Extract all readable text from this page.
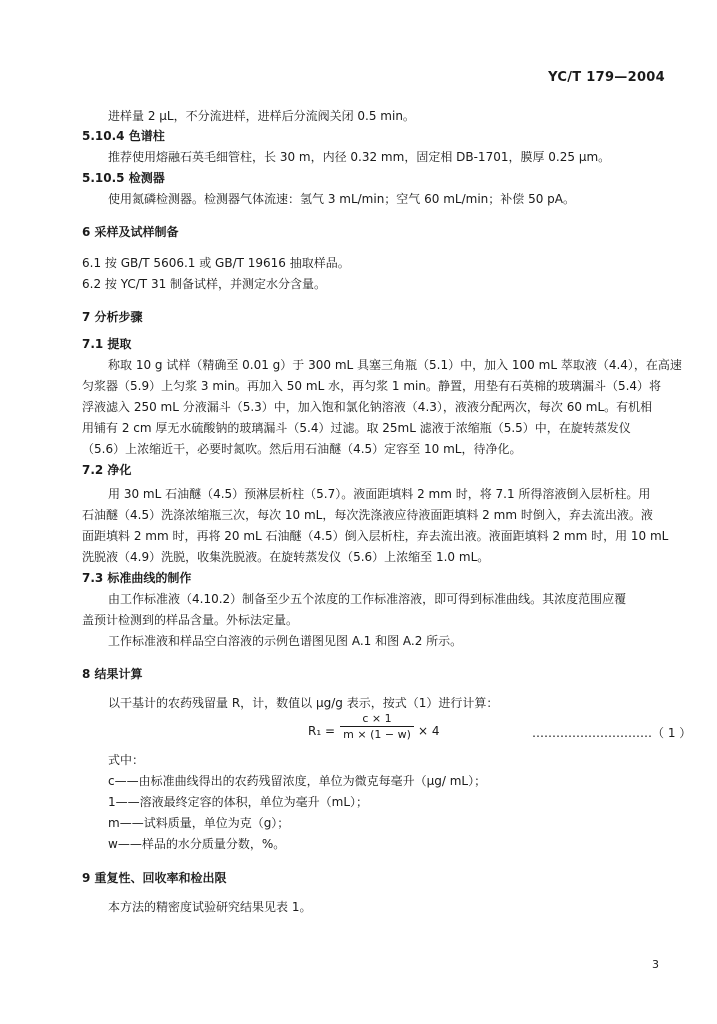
YC/T 179—2004
进样量 2 μL，不分流进样，进样后分流阀关闭 0.5 min。
5.10.4 色谱柱
推荐使用熔融石英毛细管柱，长 30 m，内径 0.32 mm，固定相 DB-1701，膜厚 0.25 μm。
5.10.5 检测器
使用氮磷检测器。检测器气体流速：氢气 3 mL/min；空气 60 mL/min；补偿 50 pA。
6 采样及试样制备
6.1 按 GB/T 5606.1 或 GB/T 19616 抽取样品。
6.2 按 YC/T 31 制备试样，并测定水分含量。
7 分析步骤
7.1 提取
称取 10 g 试样（精确至 0.01 g）于 300 mL 具塞三角瓶（5.1）中，加入 100 mL 萃取液（4.4），在高速
匀浆器（5.9）上匀浆 3 min。再加入 50 mL 水，再匀浆 1 min。静置，用垫有石英棉的玻璃漏斗（5.4）将
浮液滤入 250 mL 分液漏斗（5.3）中，加入饱和氯化钠溶液（4.3），液液分配两次，每次 60 mL。有机相
用铺有 2 cm 厚无水硫酸钠的玻璃漏斗（5.4）过滤。取 25mL 滤液于浓缩瓶（5.5）中，在旋转蒸发仪
（5.6）上浓缩近干，必要时氮吹。然后用石油醚（4.5）定容至 10 mL，待净化。
7.2 净化
用 30 mL 石油醚（4.5）预淋层析柱（5.7）。液面距填料 2 mm 时，将 7.1 所得溶液倒入层析柱。用
石油醚（4.5）洗涤浓缩瓶三次，每次 10 mL，每次洗涤液应待液面距填料 2 mm 时倒入，弃去流出液。液
面距填料 2 mm 时，再将 20 mL 石油醚（4.5）倒入层析柱，弃去流出液。液面距填料 2 mm 时，用 10 mL
洗脱液（4.9）洗脱，收集洗脱液。在旋转蒸发仪（5.6）上浓缩至 1.0 mL。
7.3 标准曲线的制作
由工作标准液（4.10.2）制备至少五个浓度的工作标准溶液，即可得到标准曲线。其浓度范围应覆
盖预计检测到的样品含量。外标法定量。
工作标准液和样品空白溶液的示例色谱图见图 A.1 和图 A.2 所示。
8 结果计算
以干基计的农药残留量 R，计，数值以 μg/g 表示，按式（1）进行计算：
R₁ =
c × 1
m × (1 − w) × 4	…………………………（ 1 ）
式中：
c——由标准曲线得出的农药残留浓度，单位为微克每毫升（μg/ mL）；
1——溶液最终定容的体积，单位为毫升（mL）；
m——试料质量，单位为克（g）；
w——样品的水分质量分数，%。
9 重复性、回收率和检出限
本方法的精密度试验研究结果见表 1。
3
